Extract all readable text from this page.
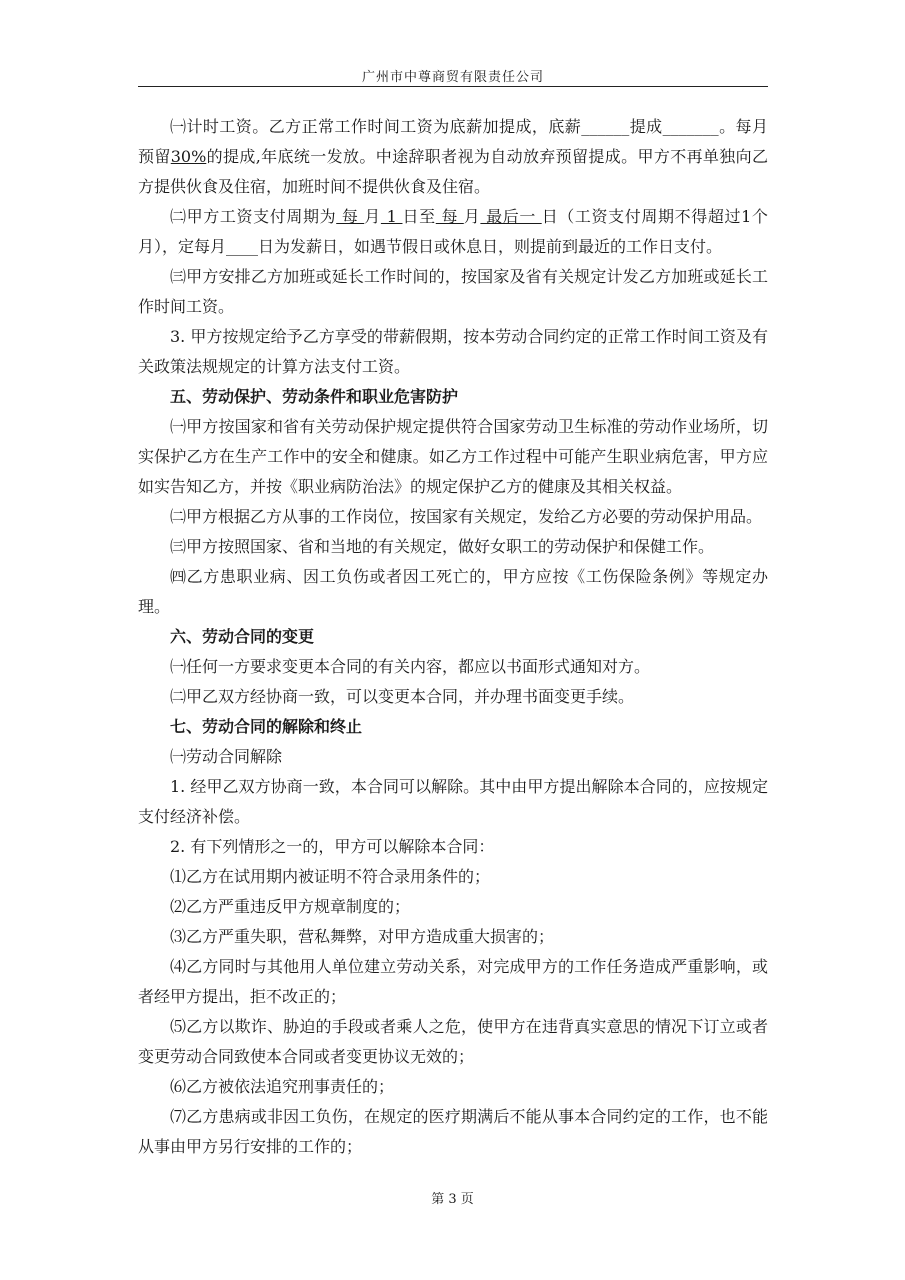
广州市中尊商贸有限责任公司

㈠计时工资。乙方正常工作时间工资为底薪加提成，底薪______提成_______。每月预留30%的提成,年底统一发放。中途辞职者视为自动放弃预留提成。甲方不再单独向乙方提供伙食及住宿，加班时间不提供伙食及住宿。

㈡甲方工资支付周期为 每 月 1 日至 每 月 最后一 日（工资支付周期不得超过1个月），定每月____日为发薪日，如遇节假日或休息日，则提前到最近的工作日支付。

㈢甲方安排乙方加班或延长工作时间的，按国家及省有关规定计发乙方加班或延长工作时间工资。

3. 甲方按规定给予乙方享受的带薪假期，按本劳动合同约定的正常工作时间工资及有关政策法规规定的计算方法支付工资。

五、劳动保护、劳动条件和职业危害防护

㈠甲方按国家和省有关劳动保护规定提供符合国家劳动卫生标准的劳动作业场所，切实保护乙方在生产工作中的安全和健康。如乙方工作过程中可能产生职业病危害，甲方应如实告知乙方，并按《职业病防治法》的规定保护乙方的健康及其相关权益。

㈡甲方根据乙方从事的工作岗位，按国家有关规定，发给乙方必要的劳动保护用品。

㈢甲方按照国家、省和当地的有关规定，做好女职工的劳动保护和保健工作。

㈣乙方患职业病、因工负伤或者因工死亡的，甲方应按《工伤保险条例》等规定办理。

六、劳动合同的变更

㈠任何一方要求变更本合同的有关内容，都应以书面形式通知对方。

㈡甲乙双方经协商一致，可以变更本合同，并办理书面变更手续。

七、劳动合同的解除和终止

㈠劳动合同解除

1. 经甲乙双方协商一致，本合同可以解除。其中由甲方提出解除本合同的，应按规定支付经济补偿。

2. 有下列情形之一的，甲方可以解除本合同：

⑴乙方在试用期内被证明不符合录用条件的；

⑵乙方严重违反甲方规章制度的；

⑶乙方严重失职，营私舞弊，对甲方造成重大损害的；

⑷乙方同时与其他用人单位建立劳动关系，对完成甲方的工作任务造成严重影响，或者经甲方提出，拒不改正的；

⑸乙方以欺诈、胁迫的手段或者乘人之危，使甲方在违背真实意思的情况下订立或者变更劳动合同致使本合同或者变更协议无效的；

⑹乙方被依法追究刑事责任的；

⑺乙方患病或非因工负伤，在规定的医疗期满后不能从事本合同约定的工作，也不能从事由甲方另行安排的工作的；

第 3 页
